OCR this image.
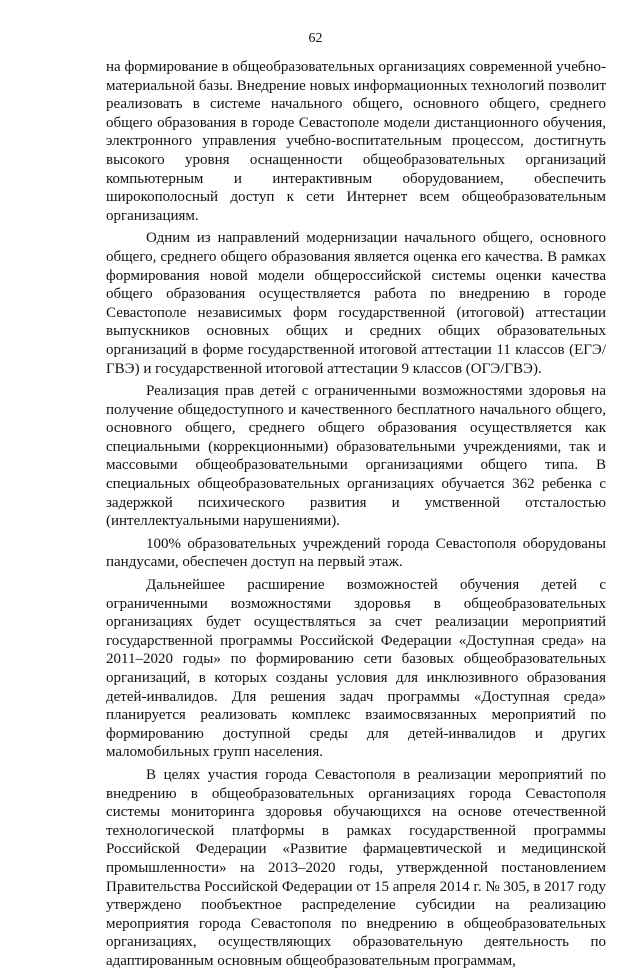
62

на формирование в общеобразовательных организациях современной учебно-материальной базы. Внедрение новых информационных технологий позволит реализовать в системе начального общего, основного общего, среднего общего образования в городе Севастополе модели дистанционного обучения, электронного управления учебно-воспитательным процессом, достигнуть высокого уровня оснащенности общеобразовательных организаций компьютерным и интерактивным оборудованием, обеспечить широкополосный доступ к сети Интернет всем общеобразовательным организациям.

Одним из направлений модернизации начального общего, основного общего, среднего общего образования является оценка его качества. В рамках формирования новой модели общероссийской системы оценки качества общего образования осуществляется работа по внедрению в городе Севастополе независимых форм государственной (итоговой) аттестации выпускников основных общих и средних общих образовательных организаций в форме государственной итоговой аттестации 11 классов (ЕГЭ/ГВЭ) и государственной итоговой аттестации 9 классов (ОГЭ/ГВЭ).

Реализация прав детей с ограниченными возможностями здоровья на получение общедоступного и качественного бесплатного начального общего, основного общего, среднего общего образования осуществляется как специальными (коррекционными) образовательными учреждениями, так и массовыми общеобразовательными организациями общего типа. В специальных общеобразовательных организациях обучается 362 ребенка с задержкой психического развития и умственной отсталостью (интеллектуальными нарушениями).

100% образовательных учреждений города Севастополя оборудованы пандусами, обеспечен доступ на первый этаж.

Дальнейшее расширение возможностей обучения детей с ограниченными возможностями здоровья в общеобразовательных организациях будет осуществляться за счет реализации мероприятий государственной программы Российской Федерации «Доступная среда» на 2011–2020 годы» по формированию сети базовых общеобразовательных организаций, в которых созданы условия для инклюзивного образования детей-инвалидов. Для решения задач программы «Доступная среда» планируется реализовать комплекс взаимосвязанных мероприятий по формированию доступной среды для детей-инвалидов и других маломобильных групп населения.

В целях участия города Севастополя в реализации мероприятий по внедрению в общеобразовательных организациях города Севастополя системы мониторинга здоровья обучающихся на основе отечественной технологической платформы в рамках государственной программы Российской Федерации «Развитие фармацевтической и медицинской промышленности» на 2013–2020 годы, утвержденной постановлением Правительства Российской Федерации от 15 апреля 2014 г. № 305, в 2017 году утверждено пообъектное распределение субсидии на реализацию мероприятия города Севастополя по внедрению в общеобразовательных организациях, осуществляющих образовательную деятельность по адаптированным основным общеобразовательным программам,
